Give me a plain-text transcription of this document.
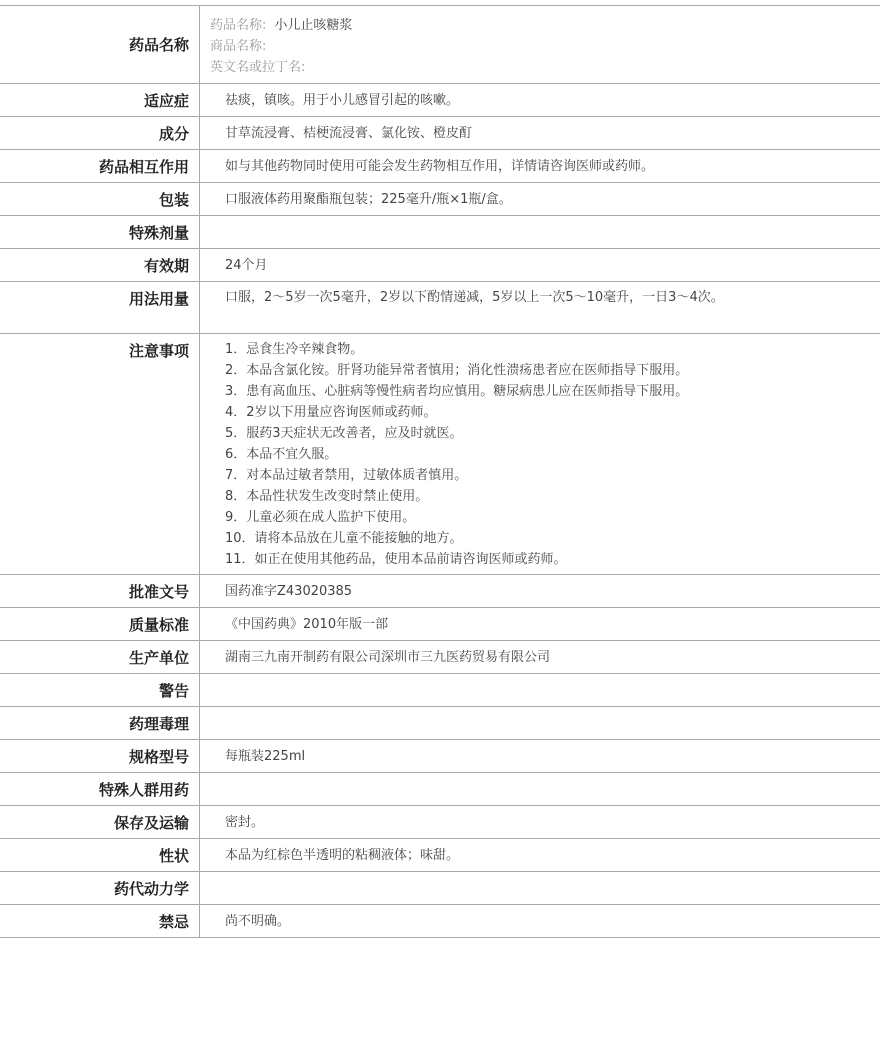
药品名称
药品名称: 小儿止咳糖浆
商品名称:
英文名或拉丁名:
适应症	祛痰，镇咳。用于小儿感冒引起的咳嗽。
成分	甘草流浸膏、桔梗流浸膏、氯化铵、橙皮酊
药品相互作用	如与其他药物同时使用可能会发生药物相互作用，详情请咨询医师或药师。
包装	口服液体药用聚酯瓶包装；225毫升/瓶×1瓶/盒。
特殊剂量
有效期	24个月
用法用量	口服，2～5岁一次5毫升，2岁以下酌情递减，5岁以上一次5～10毫升，一日3～4次。
注意事项	1．忌食生冷辛辣食物。
2．本品含氯化铵。肝肾功能异常者慎用；消化性溃疡患者应在医师指导下服用。
3．患有高血压、心脏病等慢性病者均应慎用。糖尿病患儿应在医师指导下服用。
4．2岁以下用量应咨询医师或药师。
5．服药3天症状无改善者，应及时就医。
6．本品不宜久服。
7．对本品过敏者禁用，过敏体质者慎用。
8．本品性状发生改变时禁止使用。
9．儿童必须在成人监护下使用。
10．请将本品放在儿童不能接触的地方。
11．如正在使用其他药品，使用本品前请咨询医师或药师。
批准文号	国药准字Z43020385
质量标准	《中国药典》2010年版一部
生产单位	湖南三九南开制药有限公司深圳市三九医药贸易有限公司
警告
药理毒理
规格型号	每瓶装225ml
特殊人群用药
保存及运输	密封。
性状	本品为红棕色半透明的粘稠液体；味甜。
药代动力学
禁忌	尚不明确。
